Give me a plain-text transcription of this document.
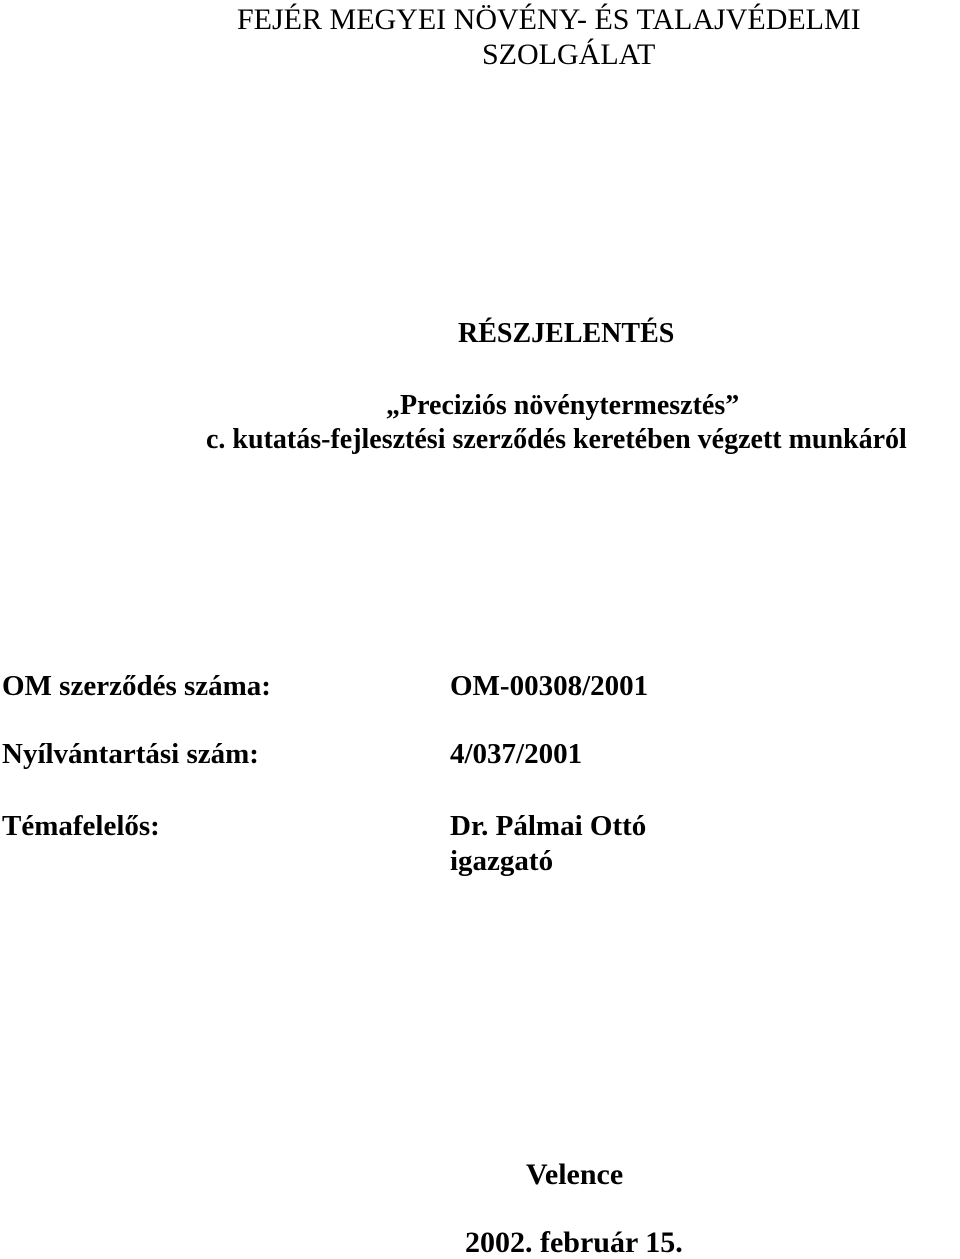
FEJÉR MEGYEI NÖVÉNY- ÉS TALAJVÉDELMI
SZOLGÁLAT
RÉSZJELENTÉS
„Preciziós növénytermesztés”
c. kutatás-fejlesztési szerződés keretében végzett munkáról
OM szerződés száma:	OM-00308/2001
Nyílvántartási szám:	4/037/2001
Témafelelős:	Dr. Pálmai Ottó
igazgató
Velence
2002. február 15.
